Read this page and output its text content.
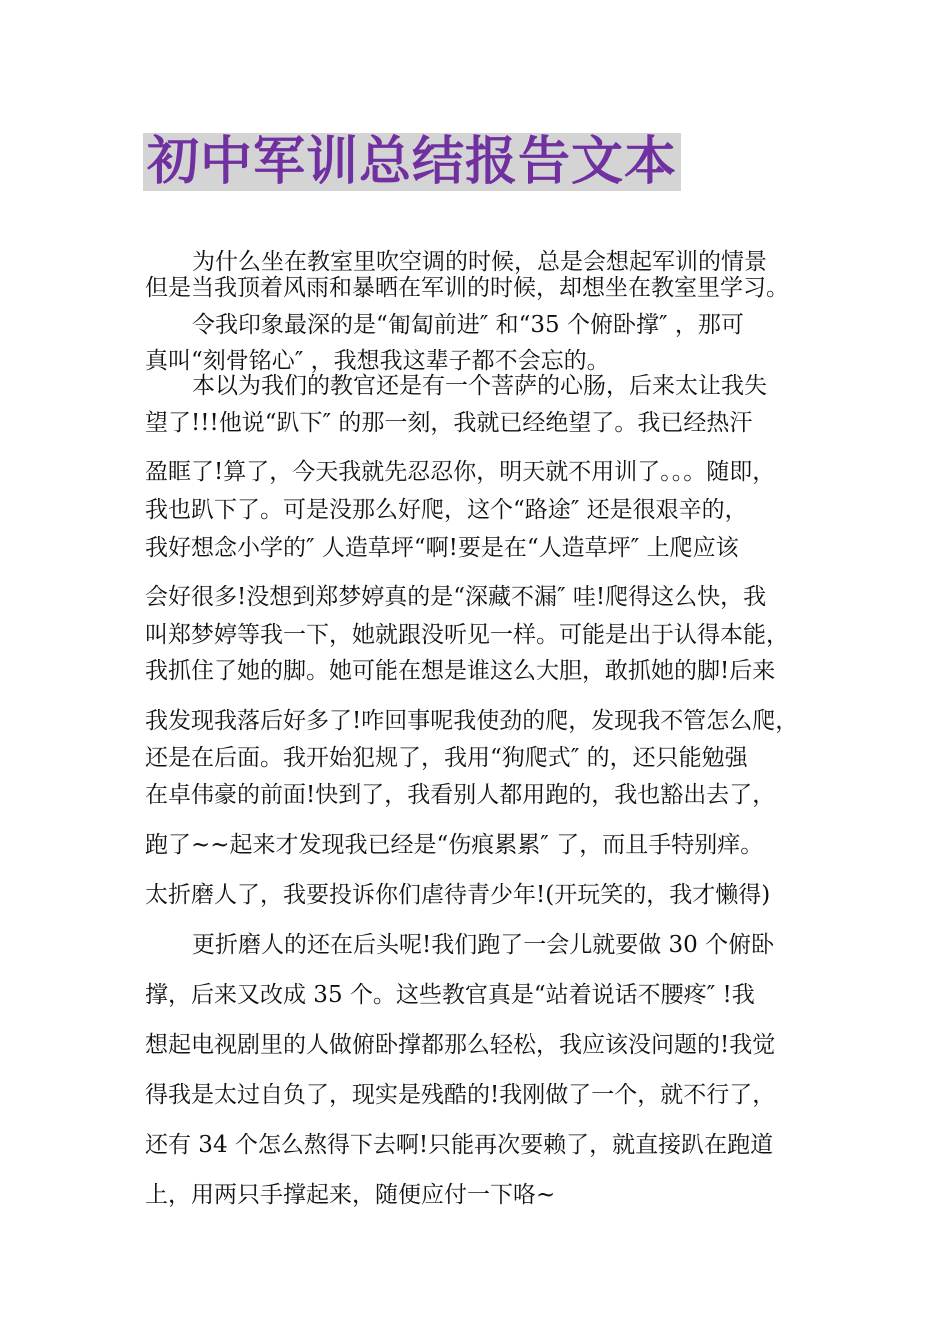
初中军训总结报告文本
为什么坐在教室里吹空调的时候，总是会想起军训的情景
但是当我顶着风雨和暴晒在军训的时候，却想坐在教室里学习。
令我印象最深的是“匍匐前进″ 和“35 个俯卧撑″ ，那可
真叫“刻骨铭心″ ，我想我这辈子都不会忘的。
本以为我们的教官还是有一个菩萨的心肠，后来太让我失
望了!!!他说“趴下″ 的那一刻，我就已经绝望了。我已经热汗
盈眶了!算了，今天我就先忍忍你，明天就不用训了。。。随即，
我也趴下了。可是没那么好爬，这个“路途″ 还是很艰辛的，
我好想念小学的″ 人造草坪“啊!要是在“人造草坪″ 上爬应该
会好很多!没想到郑梦婷真的是“深藏不漏″ 哇!爬得这么快，我
叫郑梦婷等我一下，她就跟没听见一样。可能是出于认得本能，
我抓住了她的脚。她可能在想是谁这么大胆，敢抓她的脚!后来
我发现我落后好多了!咋回事呢我使劲的爬，发现我不管怎么爬，
还是在后面。我开始犯规了，我用“狗爬式″ 的，还只能勉强
在卓伟豪的前面!快到了，我看别人都用跑的，我也豁出去了，
跑了~~起来才发现我已经是“伤痕累累″ 了，而且手特别痒。
太折磨人了，我要投诉你们虐待青少年!(开玩笑的，我才懒得)
更折磨人的还在后头呢!我们跑了一会儿就要做 30 个俯卧
撑，后来又改成 35 个。这些教官真是“站着说话不腰疼″ !我
想起电视剧里的人做俯卧撑都那么轻松，我应该没问题的!我觉
得我是太过自负了，现实是残酷的!我刚做了一个，就不行了，
还有 34 个怎么熬得下去啊!只能再次要赖了，就直接趴在跑道
上，用两只手撑起来，随便应付一下咯~
